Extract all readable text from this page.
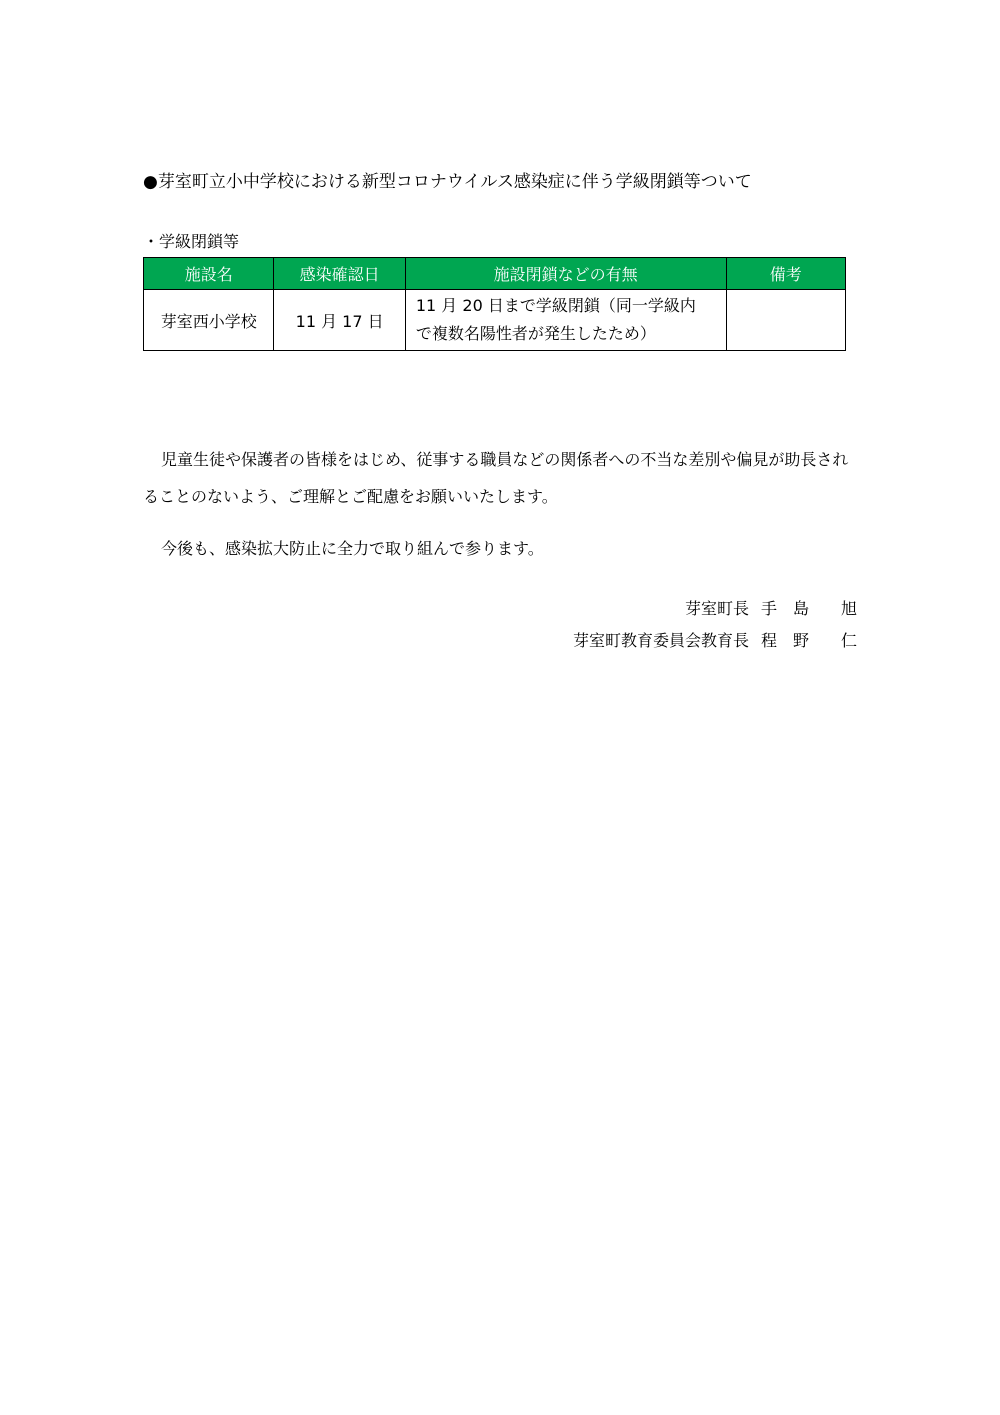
●芽室町立小中学校における新型コロナウイルス感染症に伴う学級閉鎖等ついて
・学級閉鎖等
施設名	感染確認日	施設閉鎖などの有無	備考
芽室西小学校	11 月 17 日	11 月 20 日まで学級閉鎖（同一学級内
で複数名陽性者が発生したため）	

児童生徒や保護者の皆様をはじめ、従事する職員などの関係者への不当な差別や偏見が助長されることのないよう、ご理解とご配慮をお願いいたします。
今後も、感染拡大防止に全力で取り組んで参ります。
芽室町長 手　島　　旭
芽室町教育委員会教育長 程　野　　仁
